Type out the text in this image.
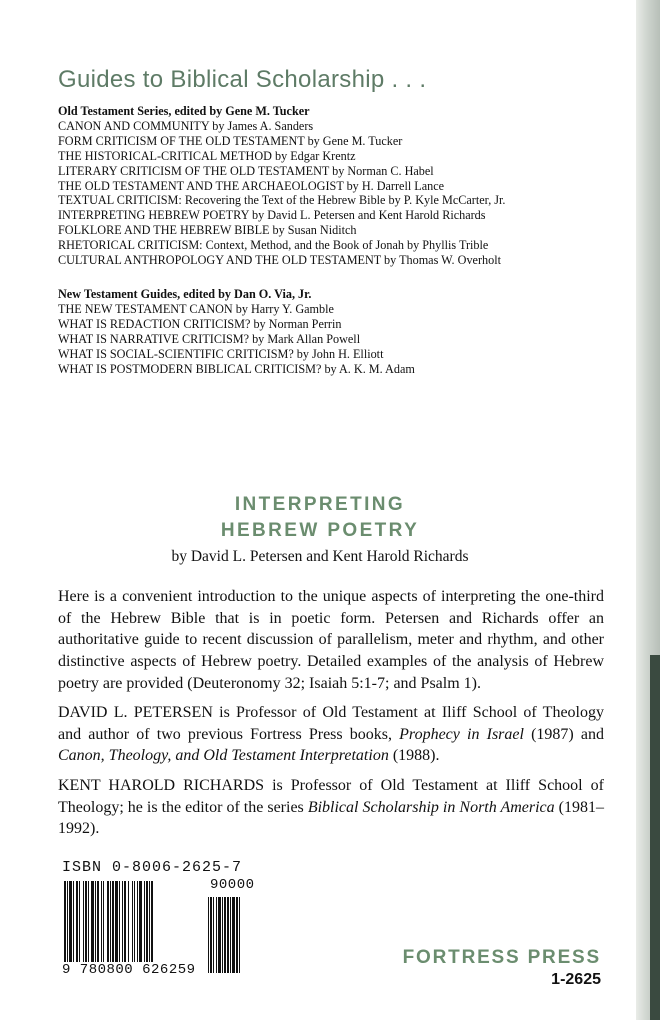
Guides to Biblical Scholarship . . .
Old Testament Series, edited by Gene M. Tucker
CANON AND COMMUNITY by James A. Sanders
FORM CRITICISM OF THE OLD TESTAMENT by Gene M. Tucker
THE HISTORICAL-CRITICAL METHOD by Edgar Krentz
LITERARY CRITICISM OF THE OLD TESTAMENT by Norman C. Habel
THE OLD TESTAMENT AND THE ARCHAEOLOGIST by H. Darrell Lance
TEXTUAL CRITICISM: Recovering the Text of the Hebrew Bible by P. Kyle McCarter, Jr.
INTERPRETING HEBREW POETRY by David L. Petersen and Kent Harold Richards
FOLKLORE AND THE HEBREW BIBLE by Susan Niditch
RHETORICAL CRITICISM: Context, Method, and the Book of Jonah by Phyllis Trible
CULTURAL ANTHROPOLOGY AND THE OLD TESTAMENT by Thomas W. Overholt
New Testament Guides, edited by Dan O. Via, Jr.
THE NEW TESTAMENT CANON by Harry Y. Gamble
WHAT IS REDACTION CRITICISM? by Norman Perrin
WHAT IS NARRATIVE CRITICISM? by Mark Allan Powell
WHAT IS SOCIAL-SCIENTIFIC CRITICISM? by John H. Elliott
WHAT IS POSTMODERN BIBLICAL CRITICISM? by A. K. M. Adam
INTERPRETING
HEBREW POETRY
by David L. Petersen and Kent Harold Richards

Here is a convenient introduction to the unique aspects of interpreting the one-third of the Hebrew Bible that is in poetic form. Petersen and Richards offer an authoritative guide to recent discussion of parallelism, meter and rhythm, and other distinctive aspects of Hebrew poetry. Detailed examples of the analysis of Hebrew poetry are provided (Deuteronomy 32; Isaiah 5:1-7; and Psalm 1).

DAVID L. PETERSEN is Professor of Old Testament at Iliff School of Theology and author of two previous Fortress Press books, Prophecy in Israel (1987) and Canon, Theology, and Old Testament Interpretation (1988).

KENT HAROLD RICHARDS is Professor of Old Testament at Iliff School of Theology; he is the editor of the series Biblical Scholarship in North America (1981–1992).

ISBN 0-8006-2625-7
90000
9 780800 626259
FORTRESS PRESS
1-2625
